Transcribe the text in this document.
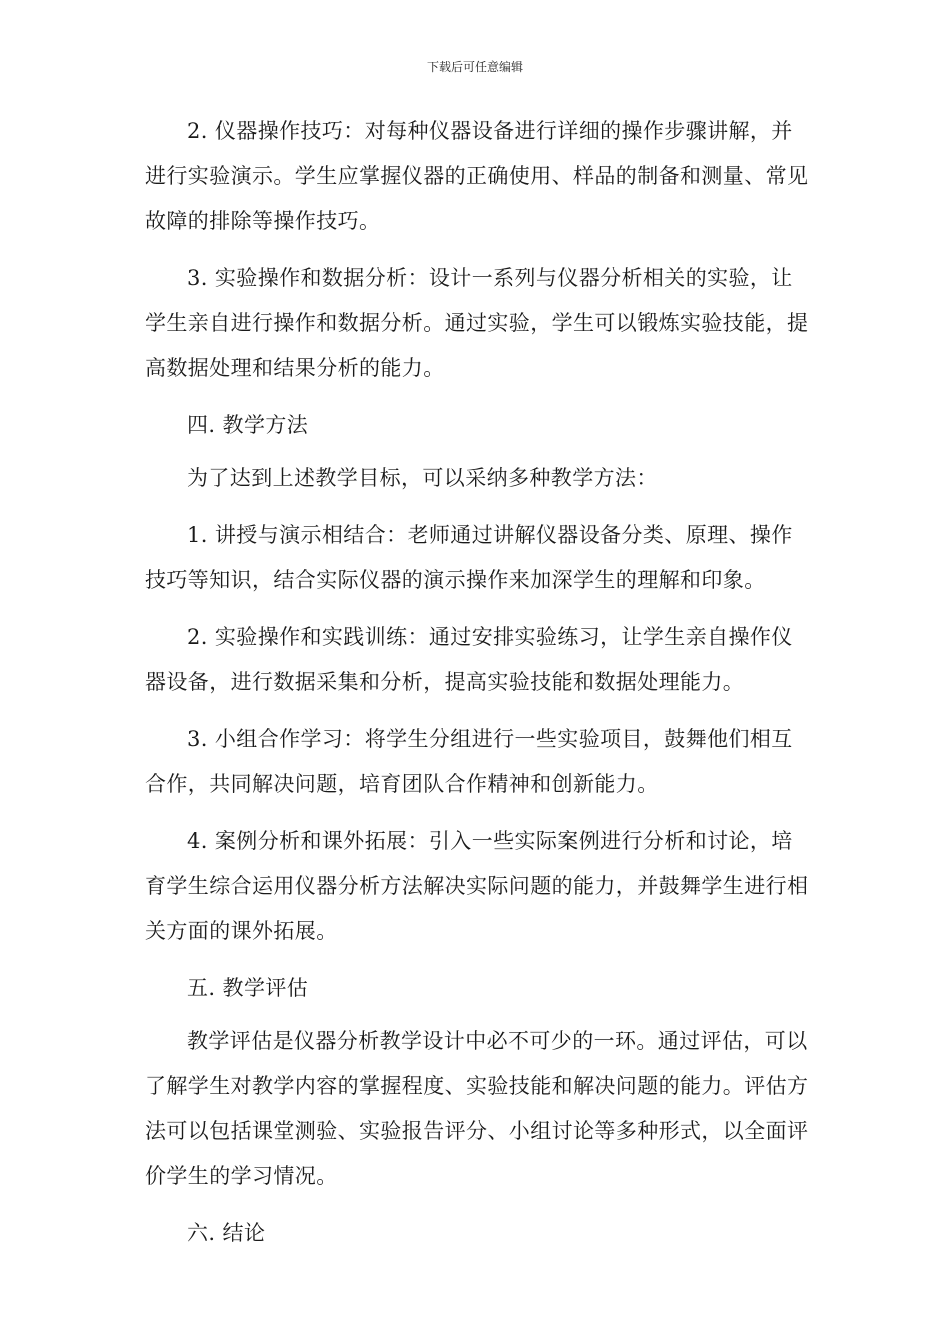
下载后可任意编辑

2. 仪器操作技巧：对每种仪器设备进行详细的操作步骤讲解，并进行实验演示。学生应掌握仪器的正确使用、样品的制备和测量、常见故障的排除等操作技巧。

3. 实验操作和数据分析：设计一系列与仪器分析相关的实验，让学生亲自进行操作和数据分析。通过实验，学生可以锻炼实验技能，提高数据处理和结果分析的能力。

四. 教学方法

为了达到上述教学目标，可以采纳多种教学方法：

1. 讲授与演示相结合：老师通过讲解仪器设备分类、原理、操作技巧等知识，结合实际仪器的演示操作来加深学生的理解和印象。

2. 实验操作和实践训练：通过安排实验练习，让学生亲自操作仪器设备，进行数据采集和分析，提高实验技能和数据处理能力。

3. 小组合作学习：将学生分组进行一些实验项目，鼓舞他们相互合作，共同解决问题，培育团队合作精神和创新能力。

4. 案例分析和课外拓展：引入一些实际案例进行分析和讨论，培育学生综合运用仪器分析方法解决实际问题的能力，并鼓舞学生进行相关方面的课外拓展。

五. 教学评估

教学评估是仪器分析教学设计中必不可少的一环。通过评估，可以了解学生对教学内容的掌握程度、实验技能和解决问题的能力。评估方法可以包括课堂测验、实验报告评分、小组讨论等多种形式，以全面评价学生的学习情况。

六. 结论
